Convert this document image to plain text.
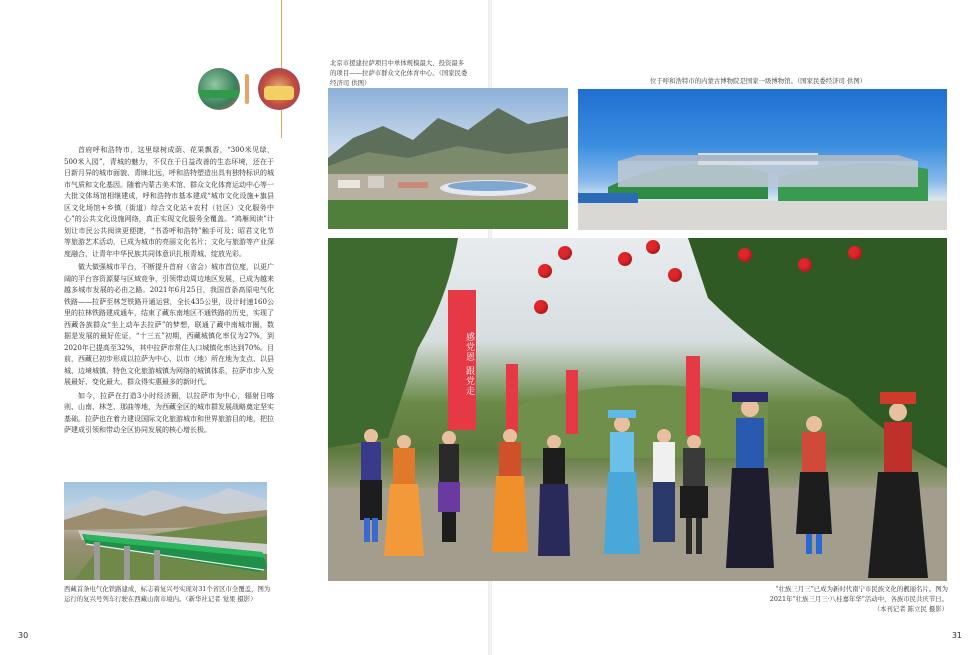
首府呼和浩特市，这里绿树成荫、花果飘香，“300米见绿，500米入园”，青城的魅力，不仅在于日益改善的生态环境，还在于日新月异的城市面貌、青睐北远，呼和浩特塑造出具有独特标识的城市气质和文化基因。随着内蒙古美术馆、群众文化体育运动中心等一大批文体场馆相继建成，呼和浩特市基本建成“城市文化设施+旗县区文化场馆+乡镇（街道）综合文化站+农村（社区）文化服务中心”的公共文化设施网络，真正实现文化服务全覆盖。“鸿雁阅读”计划让市民公共阅读更便捷，“书香呼和浩特”触手可及；昭君文化节等旅游艺术活动，已成为城市的亮丽文化名片；文化与旅游等产业深度融合，让青年中华民族共同体意识扎根青城、绽放光彩。

做大做强城市平台，不断提升首府（省会）城市首位度，以更广阔的平台容资源要与区域竞争，引领带动周边地区发展，已成为越来越多城市发展的必由之路。2021年6月25日，我国首条高原电气化铁路——拉萨至林芝铁路开通运营，全长435公里，设计时速160公里的拉林铁路建成通车，结束了藏东南地区不通铁路的历史，实现了西藏各族群众“坐上动车去拉萨”的梦想，联通了藏中南城市圈，数据是发展的最好佐证，“十三五”初期，西藏城镇化率仅为27%，到2020年已提高至32%，其中拉萨市常住人口城镇化率达到70%。目前，西藏已初步形成以拉萨为中心、以市（地）所在地为支点、以县城、边境城镇、特色文化旅游城镇为网络的城镇体系，拉萨市步入发展最好、变化最大、群众得实惠最多的新时代。

如今，拉萨在打造3小时经济圈，以拉萨市为中心，辐射日喀则、山南、林芝、那曲等地，为西藏全区的城市群发展战略奠定坚实基础。拉萨也在着力建设国际文化旅游城市和世界旅游目的地，把拉萨建成引领和带动全区协同发展的核心增长极。

西藏首条电气化铁路建成，标志着复兴号实现对31个省区市全覆盖，图为运行的复兴号列车行驶在西藏山南市境内。（新华社记者 觉果 摄影）
北京市援建拉萨项目中单体规模最大、投资最多的项目——拉萨市群众文化体育中心。（国家民委经济司 供图）	位于呼和浩特市的内蒙古博物院是国家一级博物馆。（国家民委经济司 供图）
感党恩 跟党走
“壮族三月三”已成为新时代南宁市民族文化的靓丽名片。图为2021年“壮族三月三·八桂嘉年华”活动中，各族市民共庆节日。（本刊记者 陈立民 摄影）
30	31
